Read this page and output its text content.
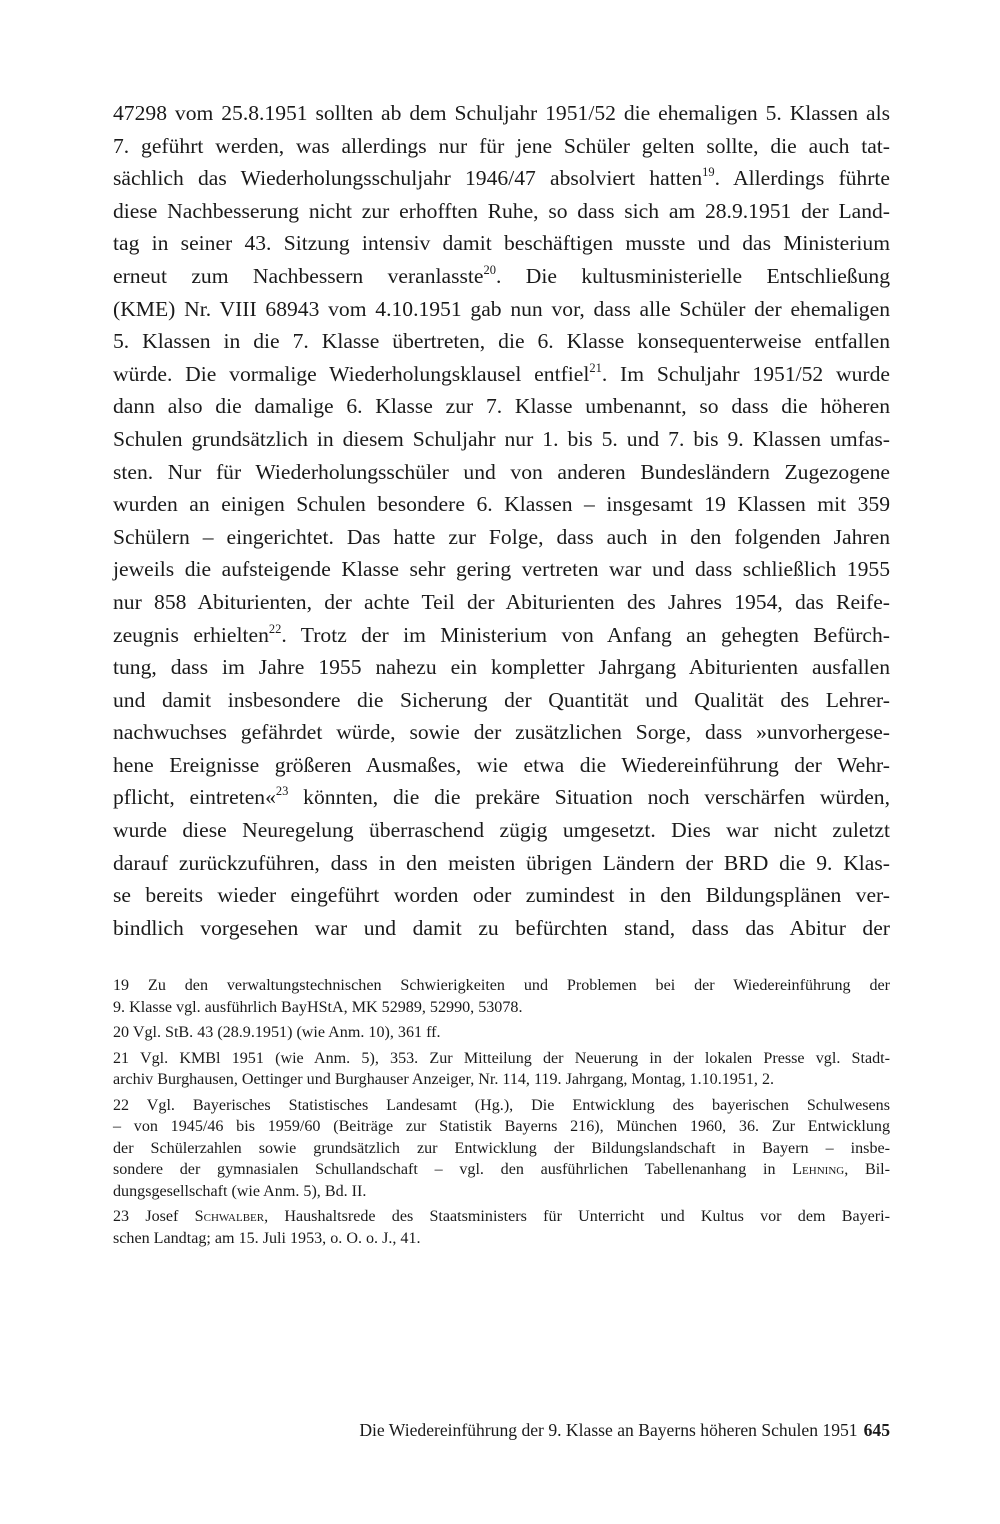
47298 vom 25.8.1951 sollten ab dem Schuljahr 1951/52 die ehemaligen 5. Klassen als
7. geführt werden, was allerdings nur für jene Schüler gelten sollte, die auch tat-
sächlich das Wiederholungsschuljahr 1946/47 absolviert hatten$^{19}$. Allerdings führte
diese Nachbesserung nicht zur erhofften Ruhe, so dass sich am 28.9.1951 der Land-
tag in seiner 43. Sitzung intensiv damit beschäftigen musste und das Ministerium
erneut zum Nachbessern veranlasste$^{20}$. Die kultusministerielle Entschließung
(KME) Nr. VIII 68943 vom 4.10.1951 gab nun vor, dass alle Schüler der ehemaligen
5. Klassen in die 7. Klasse übertreten, die 6. Klasse konsequenterweise entfallen
würde. Die vormalige Wiederholungsklausel entfiel$^{21}$. Im Schuljahr 1951/52 wurde
dann also die damalige 6. Klasse zur 7. Klasse umbenannt, so dass die höheren
Schulen grundsätzlich in diesem Schuljahr nur 1. bis 5. und 7. bis 9. Klassen umfas-
sten. Nur für Wiederholungsschüler und von anderen Bundesländern Zugezogene
wurden an einigen Schulen besondere 6. Klassen – insgesamt 19 Klassen mit 359
Schülern – eingerichtet. Das hatte zur Folge, dass auch in den folgenden Jahren
jeweils die aufsteigende Klasse sehr gering vertreten war und dass schließlich 1955
nur 858 Abiturienten, der achte Teil der Abiturienten des Jahres 1954, das Reife-
zeugnis erhielten$^{22}$. Trotz der im Ministerium von Anfang an gehegten Befürch-
tung, dass im Jahre 1955 nahezu ein kompletter Jahrgang Abiturienten ausfallen
und damit insbesondere die Sicherung der Quantität und Qualität des Lehrer-
nachwuchses gefährdet würde, sowie der zusätzlichen Sorge, dass »unvorhergese-
hene Ereignisse größeren Ausmaßes, wie etwa die Wiedereinführung der Wehr-
pflicht, eintreten«$^{23}$ könnten, die die prekäre Situation noch verschärfen würden,
wurde diese Neuregelung überraschend zügig umgesetzt. Dies war nicht zuletzt
darauf zurückzuführen, dass in den meisten übrigen Ländern der BRD die 9. Klas-
se bereits wieder eingeführt worden oder zumindest in den Bildungsplänen ver-
bindlich vorgesehen war und damit zu befürchten stand, dass das Abitur der
19 Zu den verwaltungstechnischen Schwierigkeiten und Problemen bei der Wiedereinführung der
9. Klasse vgl. ausführlich BayHStA, MK 52989, 52990, 53078.
20 Vgl. StB. 43 (28.9.1951) (wie Anm. 10), 361 ff.
21 Vgl. KMBl 1951 (wie Anm. 5), 353. Zur Mitteilung der Neuerung in der lokalen Presse vgl. Stadt-
archiv Burghausen, Oettinger und Burghauser Anzeiger, Nr. 114, 119. Jahrgang, Montag, 1.10.1951, 2.
22 Vgl. Bayerisches Statistisches Landesamt (Hg.), Die Entwicklung des bayerischen Schulwesens
– von 1945/46 bis 1959/60 (Beiträge zur Statistik Bayerns 216), München 1960, 36. Zur Entwicklung
der Schülerzahlen sowie grundsätzlich zur Entwicklung der Bildungslandschaft in Bayern – insbe-
sondere der gymnasialen Schullandschaft – vgl. den ausführlichen Tabellenanhang in Lehning, Bil-
dungsgesellschaft (wie Anm. 5), Bd. II.
23 Josef Schwalber, Haushaltsrede des Staatsministers für Unterricht und Kultus vor dem Bayeri-
schen Landtag; am 15. Juli 1953, o. O. o. J., 41.
Die Wiedereinführung der 9. Klasse an Bayerns höheren Schulen 1951 645
